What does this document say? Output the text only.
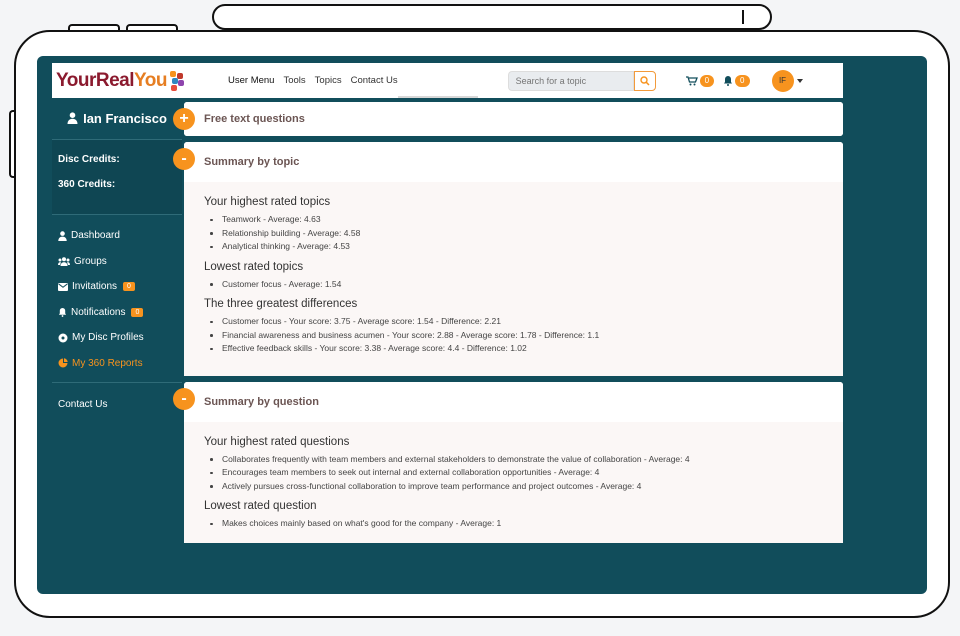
YourReal You	User Menu Tools Topics Contact Us
Search for a topic	0	0	IF
Ian Francisco
Disc Credits:
360 Credits:
Dashboard
Groups
Invitations	0
Notifications	0
My Disc Profiles
My 360 Reports
Contact Us
+	Free text questions
-	Summary by topic
Your highest rated topics
Teamwork - Average: 4.63
Relationship building - Average: 4.58
Analytical thinking - Average: 4.53
Lowest rated topics
Customer focus - Average: 1.54
The three greatest differences
Customer focus - Your score: 3.75 - Average score: 1.54 - Difference: 2.21
Financial awareness and business acumen - Your score: 2.88 - Average score: 1.78 - Difference: 1.1
Effective feedback skills - Your score: 3.38 - Average score: 4.4 - Difference: 1.02
-	Summary by question
Your highest rated questions
Collaborates frequently with team members and external stakeholders to demonstrate the value of collaboration - Average: 4
Encourages team members to seek out internal and external collaboration opportunities - Average: 4
Actively pursues cross-functional collaboration to improve team performance and project outcomes - Average: 4
Lowest rated question
Makes choices mainly based on what's good for the company - Average: 1
